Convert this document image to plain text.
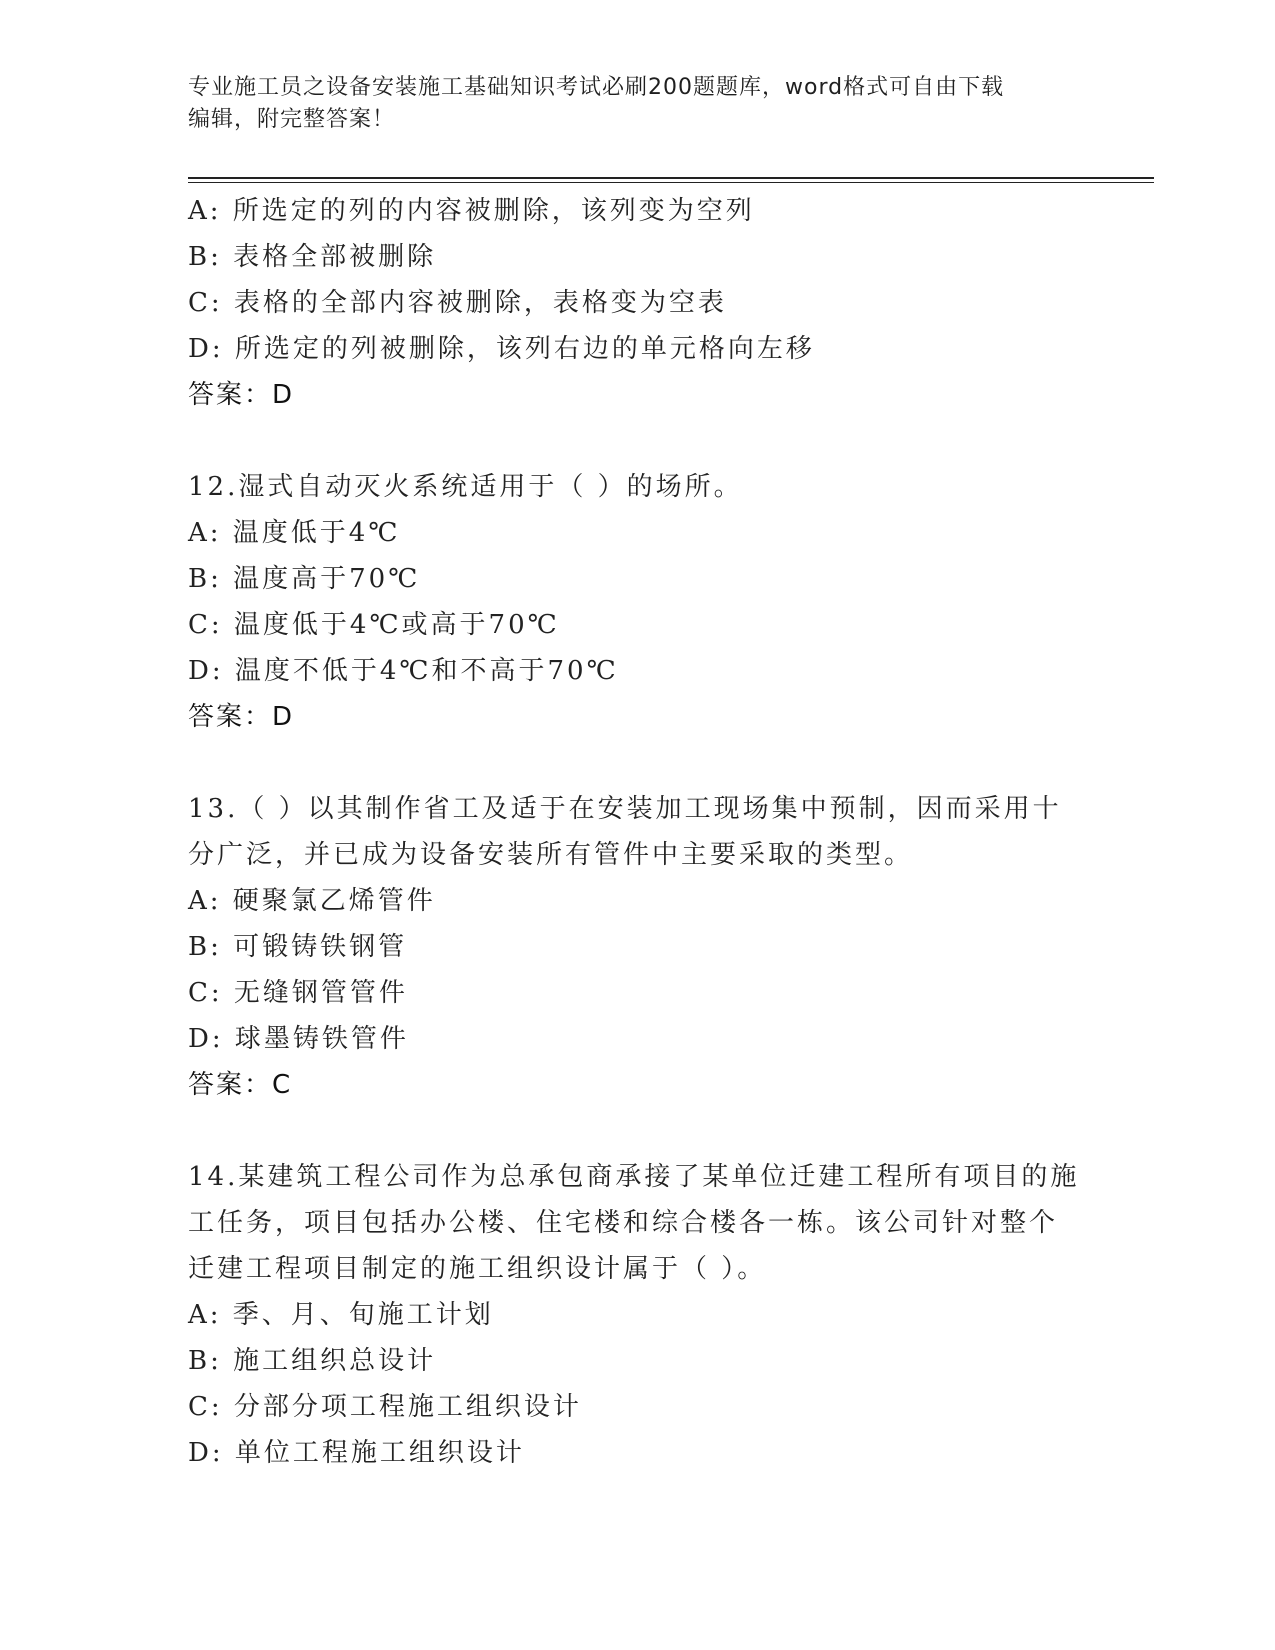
专业施工员之设备安装施工基础知识考试必刷200题题库，word格式可自由下载
编辑，附完整答案！
A: 所选定的列的内容被删除，该列变为空列
B: 表格全部被删除
C: 表格的全部内容被删除，表格变为空表
D: 所选定的列被删除，该列右边的单元格向左移
答案：D
12.湿式自动灭火系统适用于（ ）的场所。
A: 温度低于4℃
B: 温度高于70℃
C: 温度低于4℃或高于70℃
D: 温度不低于4℃和不高于70℃
答案：D
13.（ ）以其制作省工及适于在安装加工现场集中预制，因而采用十
分广泛，并已成为设备安装所有管件中主要采取的类型。
A: 硬聚氯乙烯管件
B: 可锻铸铁钢管
C: 无缝钢管管件
D: 球墨铸铁管件
答案：C
14.某建筑工程公司作为总承包商承接了某单位迁建工程所有项目的施
工任务，项目包括办公楼、住宅楼和综合楼各一栋。该公司针对整个
迁建工程项目制定的施工组织设计属于（ ）。
A: 季、月、旬施工计划
B: 施工组织总设计
C: 分部分项工程施工组织设计
D: 单位工程施工组织设计
